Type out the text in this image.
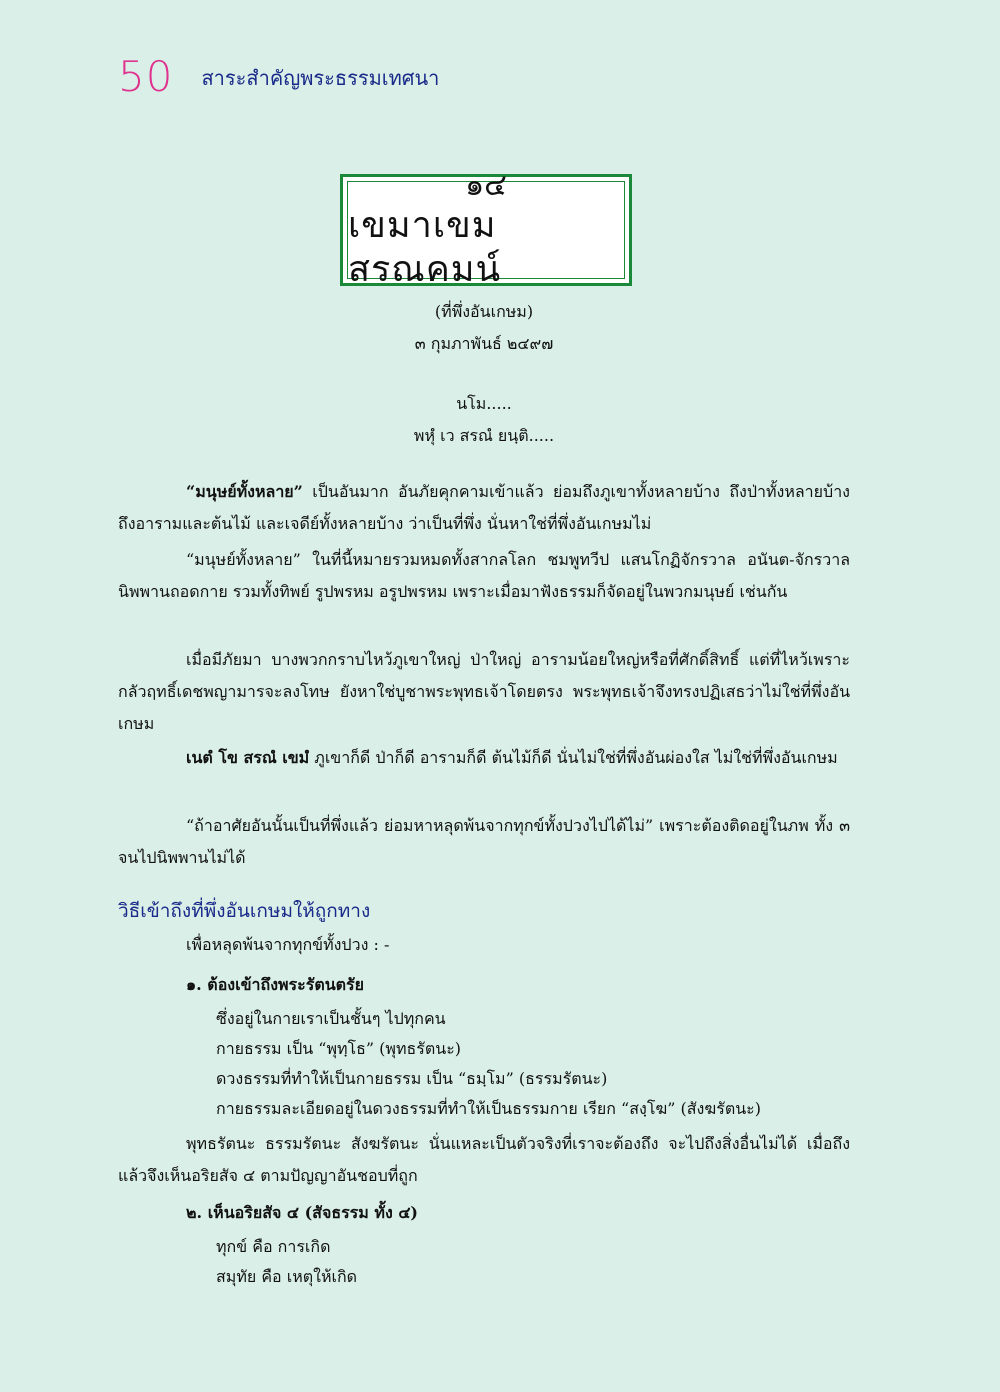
50 สาระสำคัญพระธรรมเทศนา
๑๔
เขมาเขมสรณคมน์
(ที่พึ่งอันเกษม)
๓ กุมภาพันธ์ ๒๔๙๗
นโม.....
พหุํ เว สรณํ ยนฺติ.....

“มนุษย์ทั้งหลาย” เป็นอันมาก อันภัยคุกคามเข้าแล้ว ย่อมถึงภูเขาทั้งหลายบ้าง ถึงป่าทั้งหลายบ้าง ถึงอารามและต้นไม้ และเจดีย์ทั้งหลายบ้าง ว่าเป็นที่พึ่ง นั่นหาใช่ที่พึ่งอันเกษมไม่

“มนุษย์ทั้งหลาย” ในที่นี้หมายรวมหมดทั้งสากลโลก ชมพูทวีป แสนโกฏิจักรวาล อนันต-จักรวาล นิพพานถอดกาย รวมทั้งทิพย์ รูปพรหม อรูปพรหม เพราะเมื่อมาฟังธรรมก็จัดอยู่ในพวกมนุษย์ เช่นกัน

เมื่อมีภัยมา บางพวกกราบไหว้ภูเขาใหญ่ ป่าใหญ่ อารามน้อยใหญ่หรือที่ศักดิ์สิทธิ์ แต่ที่ไหว้เพราะกลัวฤทธิ์เดชพญามารจะลงโทษ ยังหาใช่บูชาพระพุทธเจ้าโดยตรง พระพุทธเจ้าจึงทรงปฏิเสธว่าไม่ใช่ที่พึ่งอันเกษม

เนตํ โข สรณํ เขมํ ภูเขาก็ดี ป่าก็ดี อารามก็ดี ต้นไม้ก็ดี นั่นไม่ใช่ที่พึ่งอันผ่องใส ไม่ใช่ที่พึ่งอันเกษม

“ถ้าอาศัยอันนั้นเป็นที่พึ่งแล้ว ย่อมหาหลุดพ้นจากทุกข์ทั้งปวงไปได้ไม่” เพราะต้องติดอยู่ในภพ ทั้ง ๓ จนไปนิพพานไม่ได้

วิธีเข้าถึงที่พึ่งอันเกษมให้ถูกทาง
เพื่อหลุดพ้นจากทุกข์ทั้งปวง : -
๑. ต้องเข้าถึงพระรัตนตรัย
ซึ่งอยู่ในกายเราเป็นชั้นๆ ไปทุกคน
กายธรรม เป็น “พุทฺโธ” (พุทธรัตนะ)
ดวงธรรมที่ทำให้เป็นกายธรรม เป็น “ธมฺโม” (ธรรมรัตนะ)
กายธรรมละเอียดอยู่ในดวงธรรมที่ทำให้เป็นธรรมกาย เรียก “สงฺโฆ” (สังฆรัตนะ)

พุทธรัตนะ ธรรมรัตนะ สังฆรัตนะ นั่นแหละเป็นตัวจริงที่เราจะต้องถึง จะไปถึงสิ่งอื่นไม่ได้ เมื่อถึงแล้วจึงเห็นอริยสัจ ๔ ตามปัญญาอันชอบที่ถูก

๒. เห็นอริยสัจ ๔ (สัจธรรม ทั้ง ๔)
ทุกข์ คือ การเกิด
สมุทัย คือ เหตุให้เกิด
